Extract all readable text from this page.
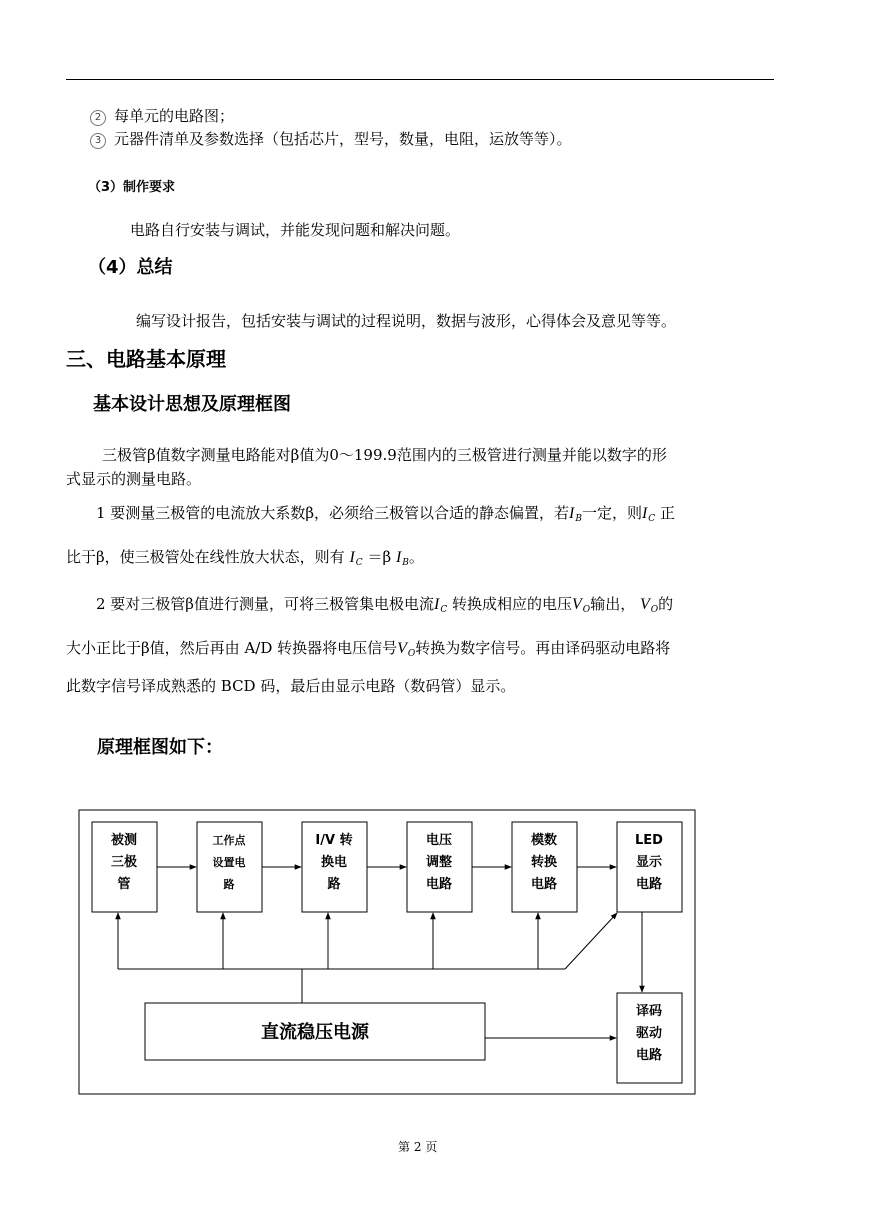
2 每单元的电路图；
3 元器件清单及参数选择（包括芯片，型号，数量，电阻，运放等等）。
（3）制作要求
电路自行安装与调试，并能发现问题和解决问题。
（4）总结
编写设计报告，包括安装与调试的过程说明，数据与波形，心得体会及意见等等。
三、电路基本原理
基本设计思想及原理框图
三极管β值数字测量电路能对β值为0～199.9范围内的三极管进行测量并能以数字的形
式显示的测量电路。
1 要测量三极管的电流放大系数β，必须给三极管以合适的静态偏置，若$I_B$一定，则$I_C$ 正
比于β，使三极管处在线性放大状态，则有 $I_C =\beta$ $I_B$。
2 要对三极管β值进行测量，可将三极管集电极电流$I_C$ 转换成相应的电压$V_O$输出， $V_O$的
大小正比于β值，然后再由 A/D 转换器将电压信号$V_O$转换为数字信号。再由译码驱动电路将
此数字信号译成熟悉的 BCD 码，最后由显示电路（数码管）显示。
原理框图如下：
被测
三极
管
工作点
设置电
路
I/V 转
换电
路
电压
调整
电路
模数
转换
电路
LED
显示
电路
直流稳压电源
译码
驱动
电路
第 2 页
